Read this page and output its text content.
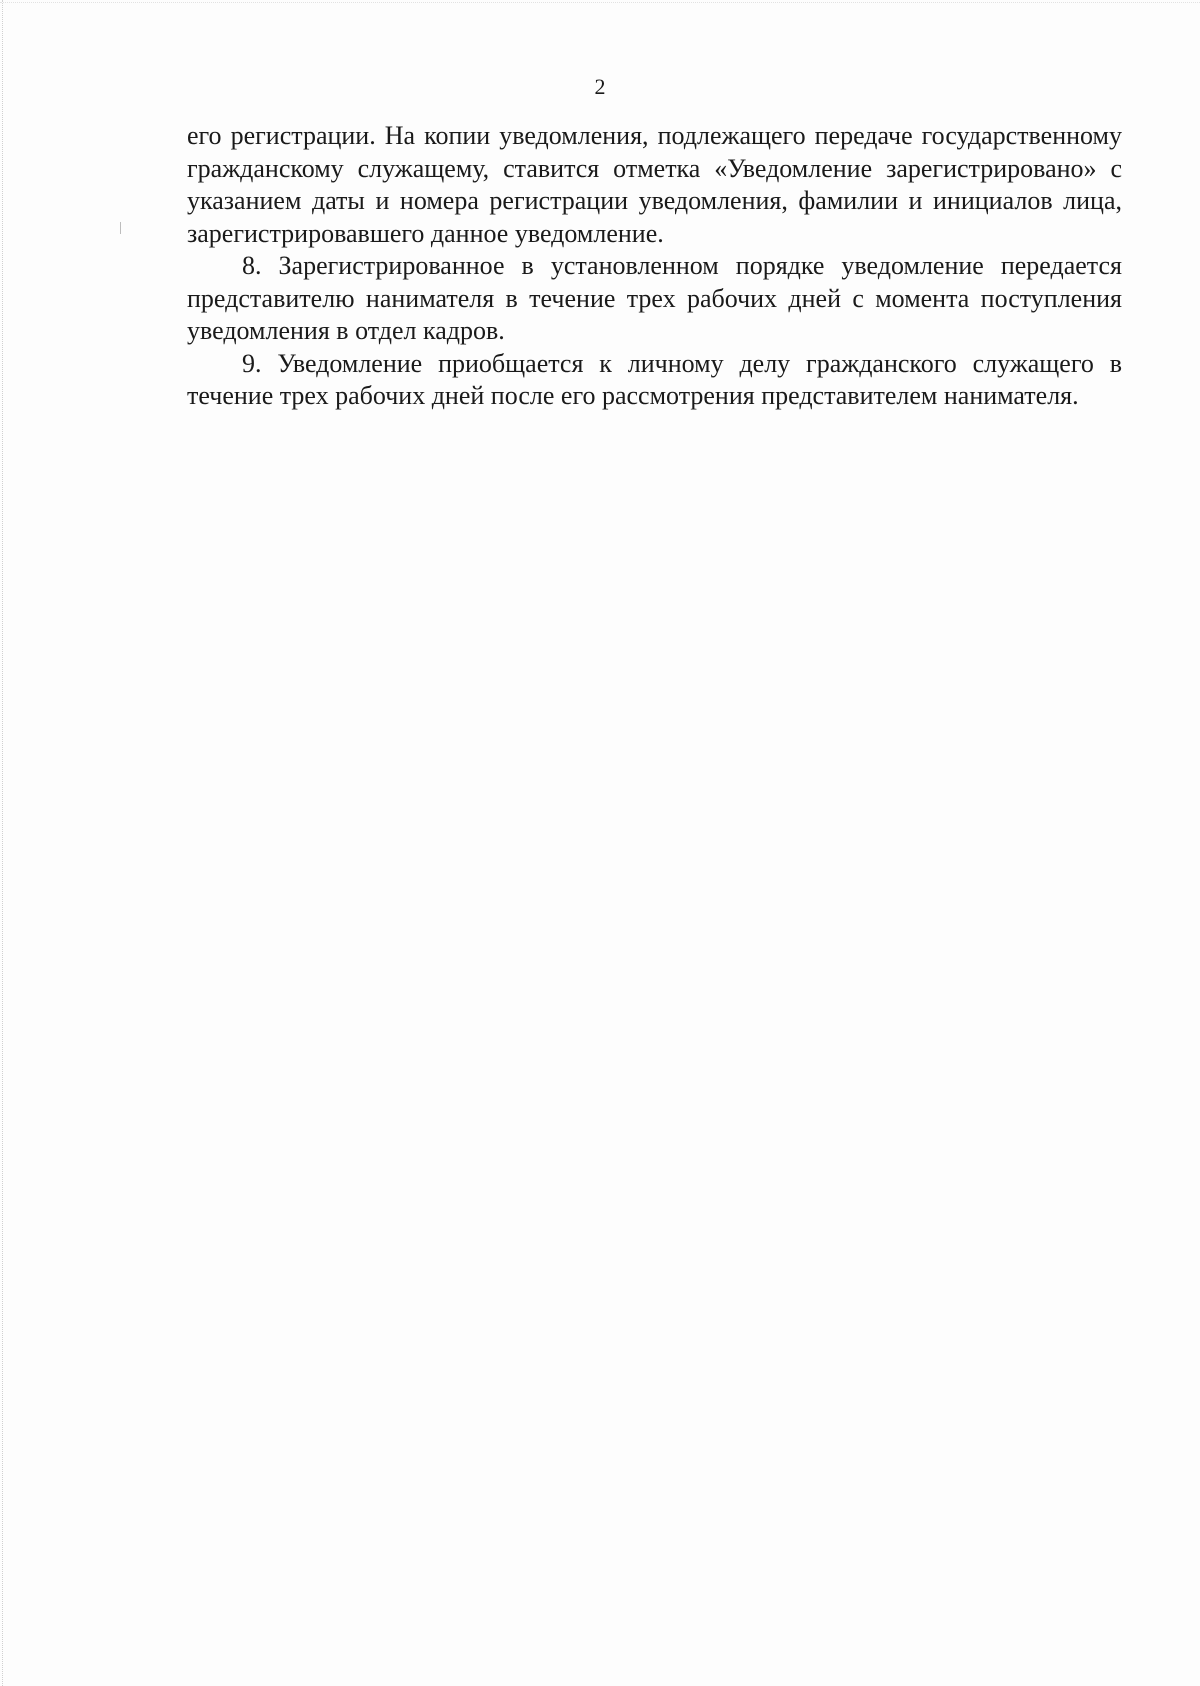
2

его регистрации. На копии уведомления, подлежащего передаче государственному гражданскому служащему, ставится отметка «Уведомление зарегистрировано» с указанием даты и номера регистрации уведомления, фамилии и инициалов лица, зарегистрировавшего данное уведомление.

8. Зарегистрированное в установленном порядке уведомление передается представителю нанимателя в течение трех рабочих дней с момента поступления уведомления в отдел кадров.

9. Уведомление приобщается к личному делу гражданского служащего в течение трех рабочих дней после его рассмотрения представителем нанимателя.
